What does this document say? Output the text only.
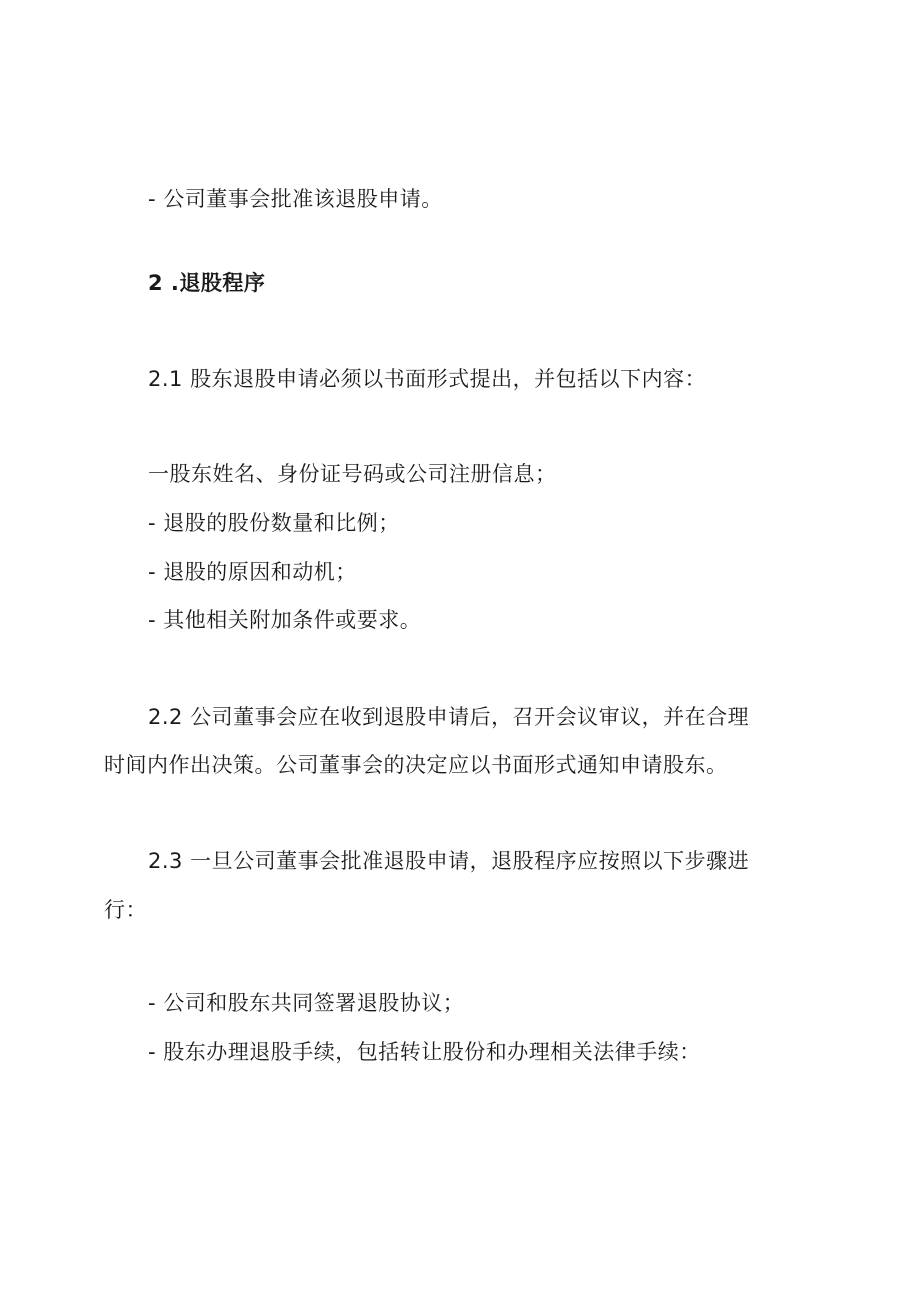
- 公司董事会批准该退股申请。
2 .退股程序
2.1 股东退股申请必须以书面形式提出，并包括以下内容：
一股东姓名、身份证号码或公司注册信息；
- 退股的股份数量和比例；
- 退股的原因和动机；
- 其他相关附加条件或要求。
2.2 公司董事会应在收到退股申请后，召开会议审议，并在合理
时间内作出决策。公司董事会的决定应以书面形式通知申请股东。
2.3 一旦公司董事会批准退股申请，退股程序应按照以下步骤进
行：
- 公司和股东共同签署退股协议；
- 股东办理退股手续，包括转让股份和办理相关法律手续：
